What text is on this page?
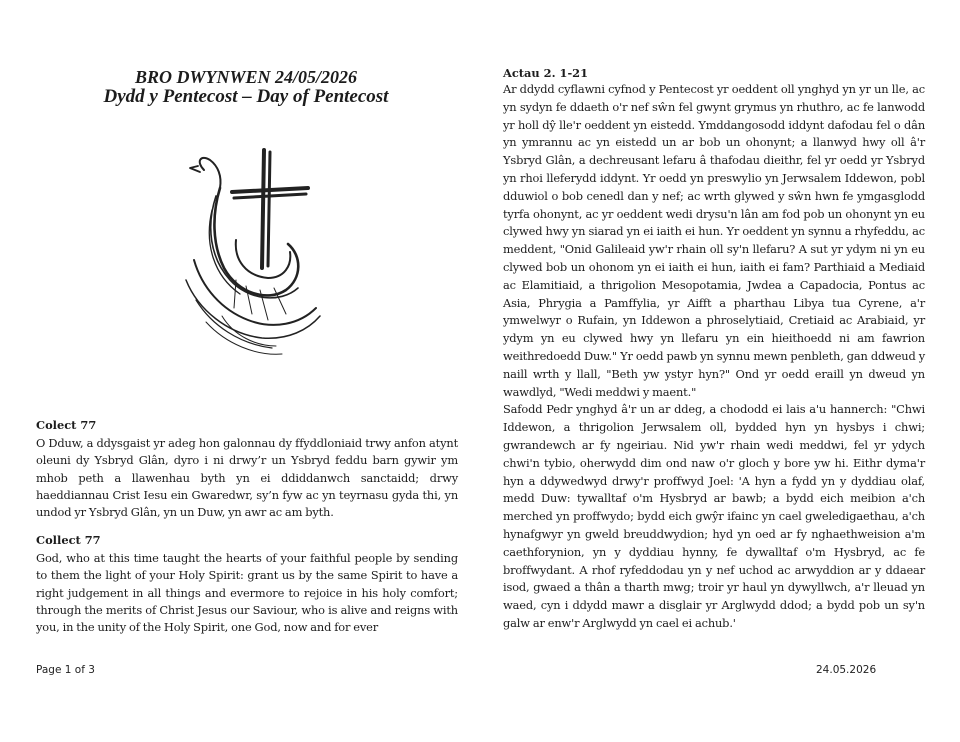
BRO DWYNWEN 24/05/2026
Dydd y Pentecost – Day of Pentecost

Colect 77

O Dduw, a ddysgaist yr adeg hon galonnau dy ffyddloniaid trwy anfon atynt oleuni dy Ysbryd Glân, dyro i ni drwy’r un Ysbryd feddu barn gywir ym mhob peth a llawenhau byth yn ei ddiddanwch sanctaidd; drwy haeddiannau Crist Iesu ein Gwaredwr, sy’n fyw ac yn teyrnasu gyda thi, yn undod yr Ysbryd Glân, yn un Duw, yn awr ac am byth.

Collect 77

God, who at this time taught the hearts of your faithful people by sending to them the light of your Holy Spirit: grant us by the same Spirit to have a right judgement in all things and evermore to rejoice in his holy comfort; through the merits of Christ Jesus our Saviour, who is alive and reigns with you, in the unity of the Holy Spirit, one God, now and for ever

Actau 2. 1-21

Ar ddydd cyflawni cyfnod y Pentecost yr oeddent oll ynghyd yn yr un lle, ac yn sydyn fe ddaeth o'r nef sŵn fel gwynt grymus yn rhuthro, ac fe lanwodd yr holl dŷ lle'r oeddent yn eistedd. Ymddangosodd iddynt dafodau fel o dân yn ymrannu ac yn eistedd un ar bob un ohonynt; a llanwyd hwy oll â'r Ysbryd Glân, a dechreusant lefaru â thafodau dieithr, fel yr oedd yr Ysbryd yn rhoi lleferydd iddynt. Yr oedd yn preswylio yn Jerwsalem Iddewon, pobl dduwiol o bob cenedl dan y nef; ac wrth glywed y sŵn hwn fe ymgasglodd tyrfa ohonynt, ac yr oeddent wedi drysu'n lân am fod pob un ohonynt yn eu clywed hwy yn siarad yn ei iaith ei hun. Yr oeddent yn synnu a rhyfeddu, ac meddent, "Onid Galileaid yw'r rhain oll sy'n llefaru? A sut yr ydym ni yn eu clywed bob un ohonom yn ei iaith ei hun, iaith ei fam? Parthiaid a Mediaid ac Elamitiaid, a thrigolion Mesopotamia, Jwdea a Capadocia, Pontus ac Asia, Phrygia a Pamffylia, yr Aifft a pharthau Libya tua Cyrene, a'r ymwelwyr o Rufain, yn Iddewon a phroselytiaid, Cretiaid ac Arabiaid, yr ydym yn eu clywed hwy yn llefaru yn ein hieithoedd ni am fawrion weithredoedd Duw." Yr oedd pawb yn synnu mewn penbleth, gan ddweud y naill wrth y llall, "Beth yw ystyr hyn?" Ond yr oedd eraill yn dweud yn wawdlyd, "Wedi meddwi y maent."

Safodd Pedr ynghyd â'r un ar ddeg, a chododd ei lais a'u hannerch: "Chwi Iddewon, a thrigolion Jerwsalem oll, bydded hyn yn hysbys i chwi; gwrandewch ar fy ngeiriau. Nid yw'r rhain wedi meddwi, fel yr ydych chwi'n tybio, oherwydd dim ond naw o'r gloch y bore yw hi. Eithr dyma'r hyn a ddywedwyd drwy'r proffwyd Joel: 'A hyn a fydd yn y dyddiau olaf, medd Duw: tywalltaf o'm Hysbryd ar bawb; a bydd eich meibion a'ch merched yn proffwydo; bydd eich gwŷr ifainc yn cael gweledigaethau, a'ch hynafgwyr yn gweld breuddwydion; hyd yn oed ar fy nghaethweision a'm caethforynion, yn y dyddiau hynny, fe dywalltaf o'm Hysbryd, ac fe broffwydant. A rhof ryfeddodau yn y nef uchod ac arwyddion ar y ddaear isod, gwaed a thân a tharth mwg; troir yr haul yn dywyllwch, a'r lleuad yn waed, cyn i ddydd mawr a disglair yr Arglwydd ddod; a bydd pob un sy'n galw ar enw'r Arglwydd yn cael ei achub.'

Page 1 of 3	24.05.2026
